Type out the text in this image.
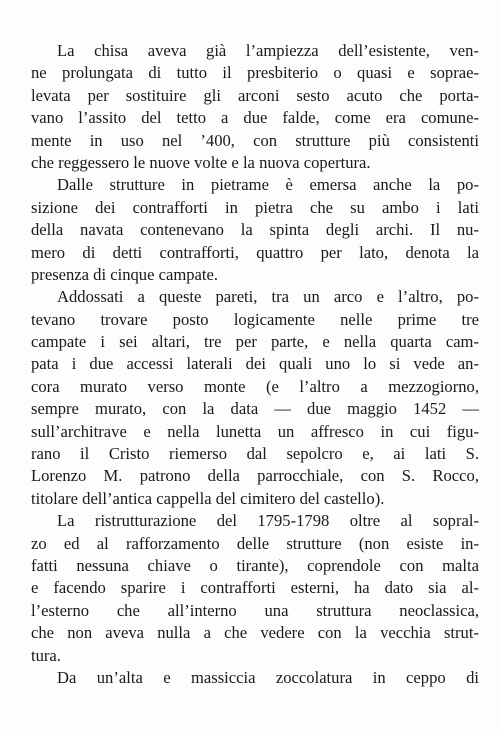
La chisa aveva già l’ampiezza dell’esistente, ven-
ne prolungata di tutto il presbiterio o quasi e soprae-
levata per sostituire gli arconi sesto acuto che porta-
vano l’assito del tetto a due falde, come era comune-
mente in uso nel ’400, con strutture più consistenti
che reggessero le nuove volte e la nuova copertura.
Dalle strutture in pietrame è emersa anche la po-
sizione dei contrafforti in pietra che su ambo i lati
della navata contenevano la spinta degli archi. Il nu-
mero di detti contrafforti, quattro per lato, denota la
presenza di cinque campate.
Addossati a queste pareti, tra un arco e l’altro, po-
tevano trovare posto logicamente nelle prime tre
campate i sei altari, tre per parte, e nella quarta cam-
pata i due accessi laterali dei quali uno lo si vede an-
cora murato verso monte (e l’altro a mezzogiorno,
sempre murato, con la data — due maggio 1452 —
sull’architrave e nella lunetta un affresco in cui figu-
rano il Cristo riemerso dal sepolcro e, ai lati S.
Lorenzo M. patrono della parrocchiale, con S. Rocco,
titolare dell’antica cappella del cimitero del castello).
La ristrutturazione del 1795-1798 oltre al sopral-
zo ed al rafforzamento delle strutture (non esiste in-
fatti nessuna chiave o tirante), coprendole con malta
e facendo sparire i contrafforti esterni, ha dato sia al-
l’esterno che all’interno una struttura neoclassica,
che non aveva nulla a che vedere con la vecchia strut-
tura.
Da un’alta e massiccia zoccolatura in ceppo di
